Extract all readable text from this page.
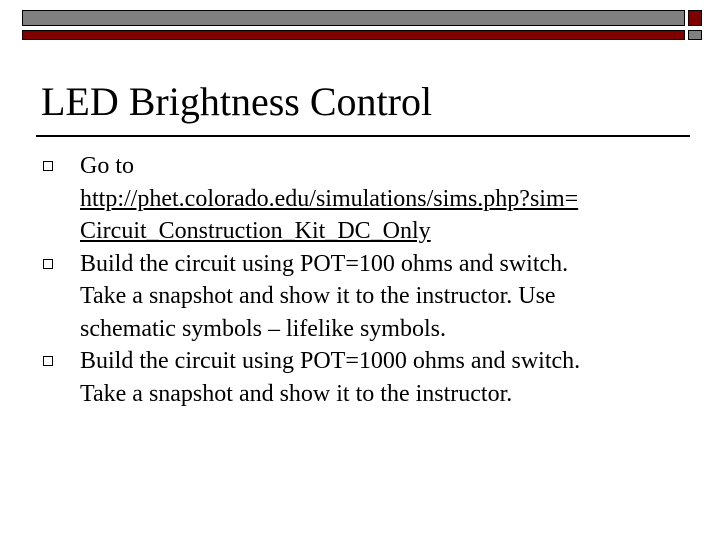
LED Brightness Control
Go to
http://phet.colorado.edu/simulations/sims.php?sim=
Circuit_Construction_Kit_DC_Only
Build the circuit using POT=100 ohms and switch.
Take a snapshot and show it to the instructor. Use
schematic symbols – lifelike symbols.
Build the circuit using POT=1000 ohms and switch.
Take a snapshot and show it to the instructor.
